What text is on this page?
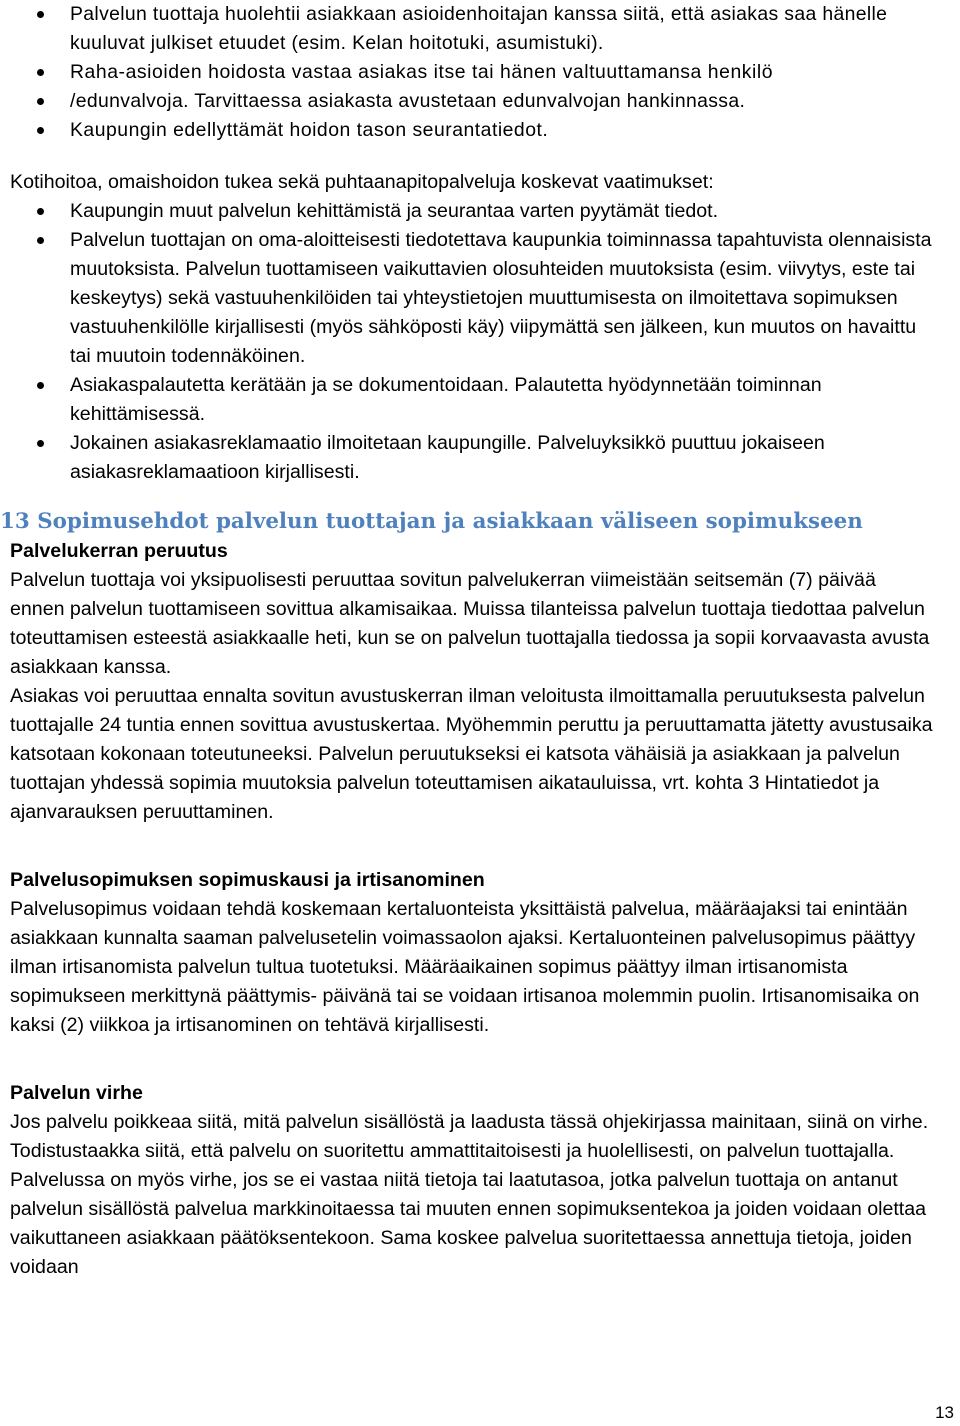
Palvelun tuottaja huolehtii asiakkaan asioidenhoitajan kanssa siitä, että asiakas saa hänelle kuuluvat julkiset etuudet (esim. Kelan hoitotuki, asumistuki).
Raha-asioiden hoidosta vastaa asiakas itse tai hänen valtuuttamansa henkilö
/edunvalvoja. Tarvittaessa asiakasta avustetaan edunvalvojan hankinnassa.
Kaupungin edellyttämät hoidon tason seurantatiedot.

Kotihoitoa, omaishoidon tukea sekä puhtaanapitopalveluja koskevat vaatimukset:

Kaupungin muut palvelun kehittämistä ja seurantaa varten pyytämät tiedot.
Palvelun tuottajan on oma-aloitteisesti tiedotettava kaupunkia toiminnassa tapahtuvista olennaisista muutoksista. Palvelun tuottamiseen vaikuttavien olosuhteiden muutoksista (esim. viivytys, este tai keskeytys) sekä vastuuhenkilöiden tai yhteystietojen muuttumisesta on ilmoitettava sopimuksen vastuuhenkilölle kirjallisesti (myös sähköposti käy) viipymättä sen jälkeen, kun muutos on havaittu tai muutoin todennäköinen.
Asiakaspalautetta kerätään ja se dokumentoidaan. Palautetta hyödynnetään toiminnan kehittämisessä.
Jokainen asiakasreklamaatio ilmoitetaan kaupungille. Palveluyksikkö puuttuu jokaiseen asiakasreklamaatioon kirjallisesti.
13 Sopimusehdot palvelun tuottajan ja asiakkaan väliseen sopimukseen

Palvelukerran peruutus

Palvelun tuottaja voi yksipuolisesti peruuttaa sovitun palvelukerran viimeistään seitsemän (7) päivää ennen palvelun tuottamiseen sovittua alkamisaikaa. Muissa tilanteissa palvelun tuottaja tiedottaa palvelun toteuttamisen esteestä asiakkaalle heti, kun se on palvelun tuottajalla tiedossa ja sopii korvaavasta avusta asiakkaan kanssa.

Asiakas voi peruuttaa ennalta sovitun avustuskerran ilman veloitusta ilmoittamalla peruutuksesta palvelun tuottajalle 24 tuntia ennen sovittua avustuskertaa. Myöhemmin peruttu ja peruuttamatta jätetty avustusaika katsotaan kokonaan toteutuneeksi. Palvelun peruutukseksi ei katsota vähäisiä ja asiakkaan ja palvelun tuottajan yhdessä sopimia muutoksia palvelun toteuttamisen aikatauluissa, vrt. kohta 3 Hintatiedot ja ajanvarauksen peruuttaminen.

Palvelusopimuksen sopimuskausi ja irtisanominen

Palvelusopimus voidaan tehdä koskemaan kertaluonteista yksittäistä palvelua, määräajaksi tai enintään asiakkaan kunnalta saaman palvelusetelin voimassaolon ajaksi. Kertaluonteinen palvelusopimus päättyy ilman irtisanomista palvelun tultua tuotetuksi. Määräaikainen sopimus päättyy ilman irtisanomista sopimukseen merkittynä päättymis- päivänä tai se voidaan irtisanoa molemmin puolin. Irtisanomisaika on kaksi (2) viikkoa ja irtisanominen on tehtävä kirjallisesti.

Palvelun virhe

Jos palvelu poikkeaa siitä, mitä palvelun sisällöstä ja laadusta tässä ohjekirjassa mainitaan, siinä on virhe. Todistustaakka siitä, että palvelu on suoritettu ammattitaitoisesti ja huolellisesti, on palvelun tuottajalla. Palvelussa on myös virhe, jos se ei vastaa niitä tietoja tai laatutasoa, jotka palvelun tuottaja on antanut palvelun sisällöstä palvelua markkinoitaessa tai muuten ennen sopimuksentekoa ja joiden voidaan olettaa vaikuttaneen asiakkaan päätöksentekoon. Sama koskee palvelua suoritettaessa annettuja tietoja, joiden voidaan

13
